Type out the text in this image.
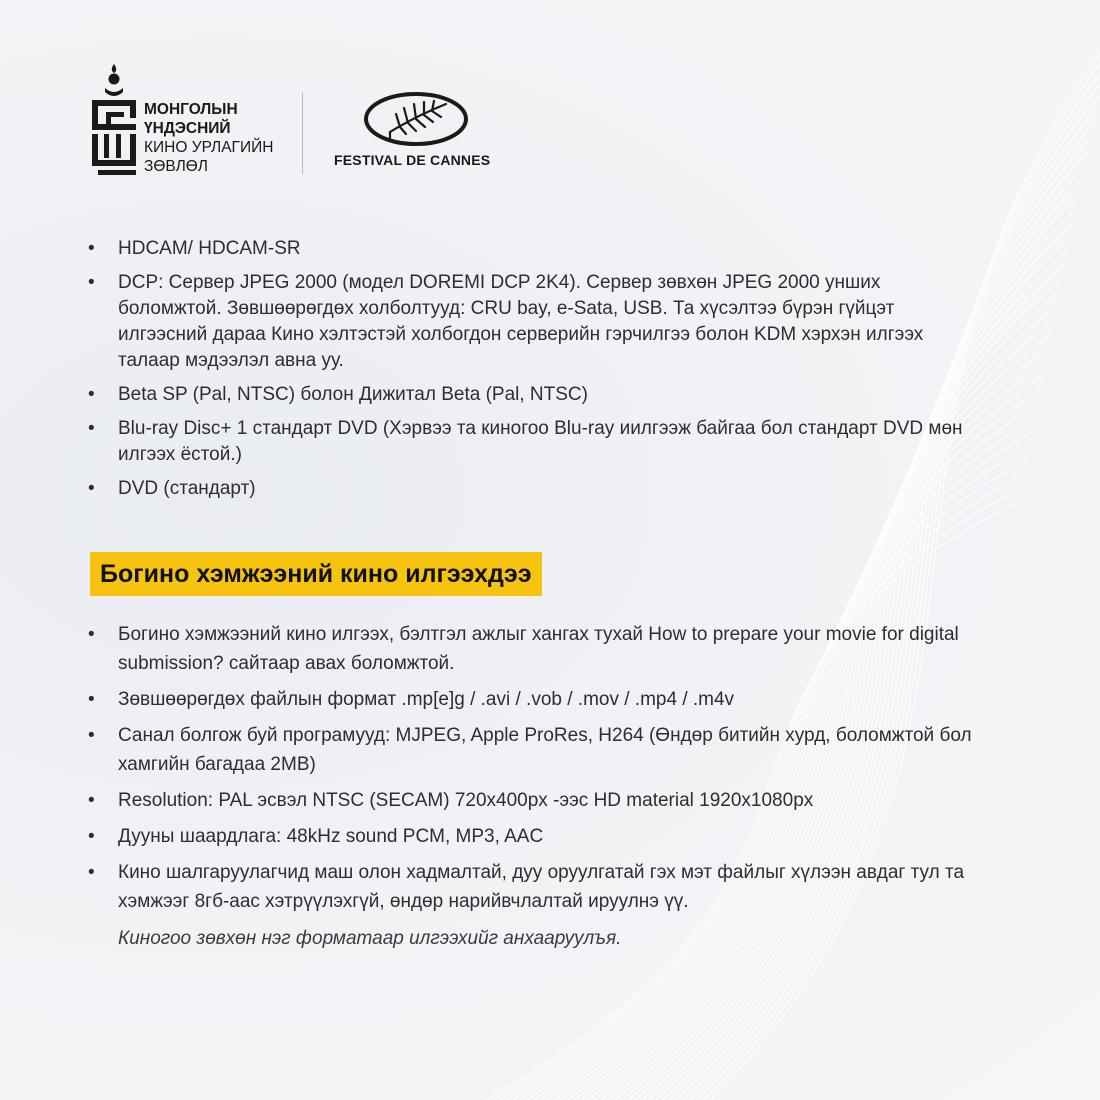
МОНГОЛЫН
ҮНДЭСНИЙ
КИНО УРЛАГИЙН
ЗӨВЛӨЛ	FESTIVAL DE CANNES
• HDCAM/ HDCAM-SR
• DCP: Сервер JPEG 2000 (модел DOREMI DCP 2K4). Сервер зөвхөн JPEG 2000 унших боломжтой. Зөвшөөрөгдөх холболтууд: CRU bay, e-Sata, USB. Та хүсэлтээ бүрэн гүйцэт илгээсний дараа Кино хэлтэстэй холбогдон серверийн гэрчилгээ болон KDM хэрхэн илгээх талаар мэдээлэл авна уу.
• Beta SP (Pal, NTSC) болон Дижитал Beta (Pal, NTSC)
• Blu-ray Disc+ 1 стандарт DVD (Хэрвээ та киногоо Blu-ray иилгээж байгаа бол стандарт DVD мөн илгээх ёстой.)
• DVD (стандарт)
Богино хэмжээний кино илгээхдээ
• Богино хэмжээний кино илгээх, бэлтгэл ажлыг хангах тухай How to prepare your movie for digital submission? сайтаар авах боломжтой.
• Зөвшөөрөгдөх файлын формат .mp[e]g / .avi / .vob / .mov / .mp4 / .m4v
• Санал болгож буй програмууд: MJPEG, Apple ProRes, H264 (Өндөр битийн хурд, боломжтой бол хамгийн багадаа 2MB)
• Resolution: PAL эсвэл NTSC (SECAM) 720x400px -ээс HD material 1920x1080px
• Дууны шаардлага: 48kHz sound PCM, MP3, AAC
• Кино шалгаруулагчид маш олон хадмалтай, дуу оруулгатай гэх мэт файлыг хүлээн авдаг тул та хэмжээг 8гб-аас хэтрүүлэхгүй, өндөр нарийвчлалтай ируулнэ үү.
Киногоо зөвхөн нэг форматаар илгээхийг анхааруулъя.
